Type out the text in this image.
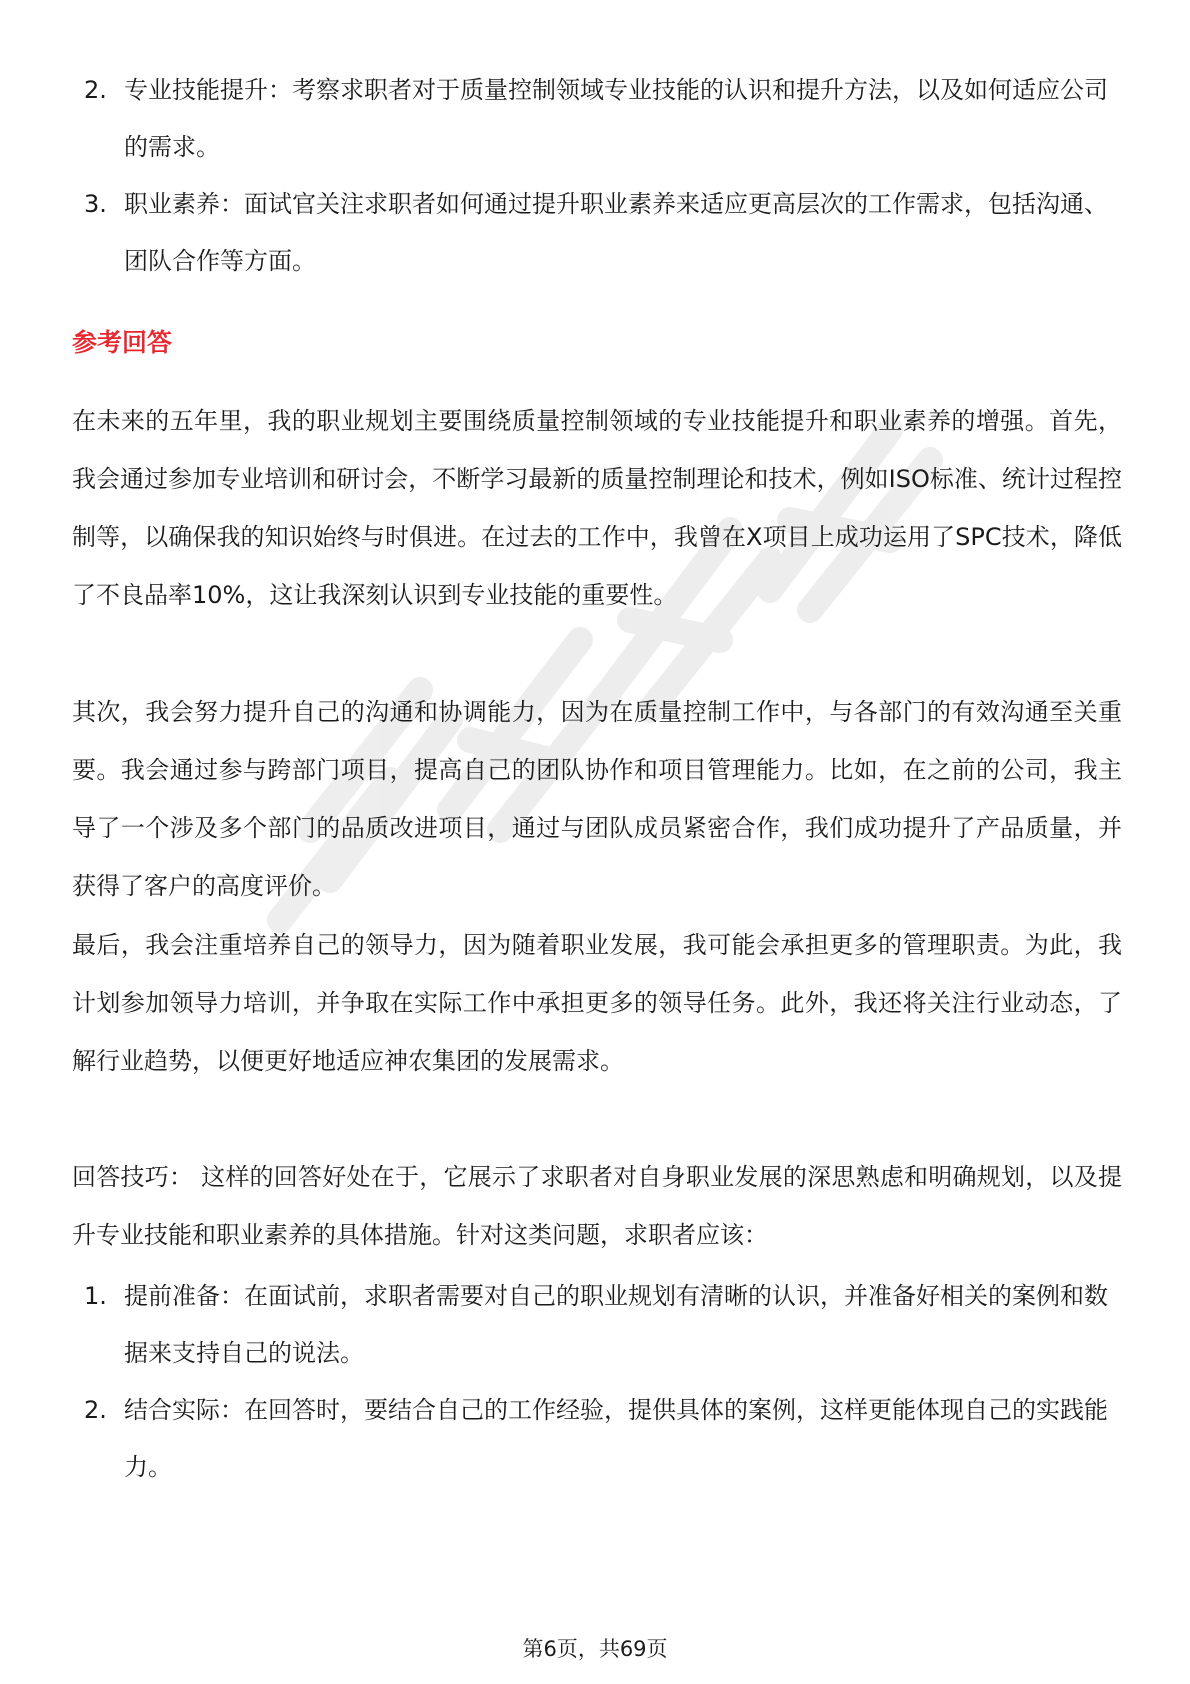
2. 专业技能提升：考察求职者对于质量控制领域专业技能的认识和提升方法，以及如何适应公司的需求。
3. 职业素养：面试官关注求职者如何通过提升职业素养来适应更高层次的工作需求，包括沟通、团队合作等方面。
参考回答
在未来的五年里，我的职业规划主要围绕质量控制领域的专业技能提升和职业素养的增强。首先，我会通过参加专业培训和研讨会，不断学习最新的质量控制理论和技术，例如ISO标准、统计过程控制等，以确保我的知识始终与时俱进。在过去的工作中，我曾在X项目上成功运用了SPC技术，降低了不良品率10%，这让我深刻认识到专业技能的重要性。
其次，我会努力提升自己的沟通和协调能力，因为在质量控制工作中，与各部门的有效沟通至关重要。我会通过参与跨部门项目，提高自己的团队协作和项目管理能力。比如，在之前的公司，我主导了一个涉及多个部门的品质改进项目，通过与团队成员紧密合作，我们成功提升了产品质量，并获得了客户的高度评价。
最后，我会注重培养自己的领导力，因为随着职业发展，我可能会承担更多的管理职责。为此，我计划参加领导力培训，并争取在实际工作中承担更多的领导任务。此外，我还将关注行业动态，了解行业趋势，以便更好地适应神农集团的发展需求。
回答技巧： 这样的回答好处在于，它展示了求职者对自身职业发展的深思熟虑和明确规划，以及提升专业技能和职业素养的具体措施。针对这类问题，求职者应该：
1. 提前准备：在面试前，求职者需要对自己的职业规划有清晰的认识，并准备好相关的案例和数据来支持自己的说法。
2. 结合实际：在回答时，要结合自己的工作经验，提供具体的案例，这样更能体现自己的实践能力。
第6页，共69页
